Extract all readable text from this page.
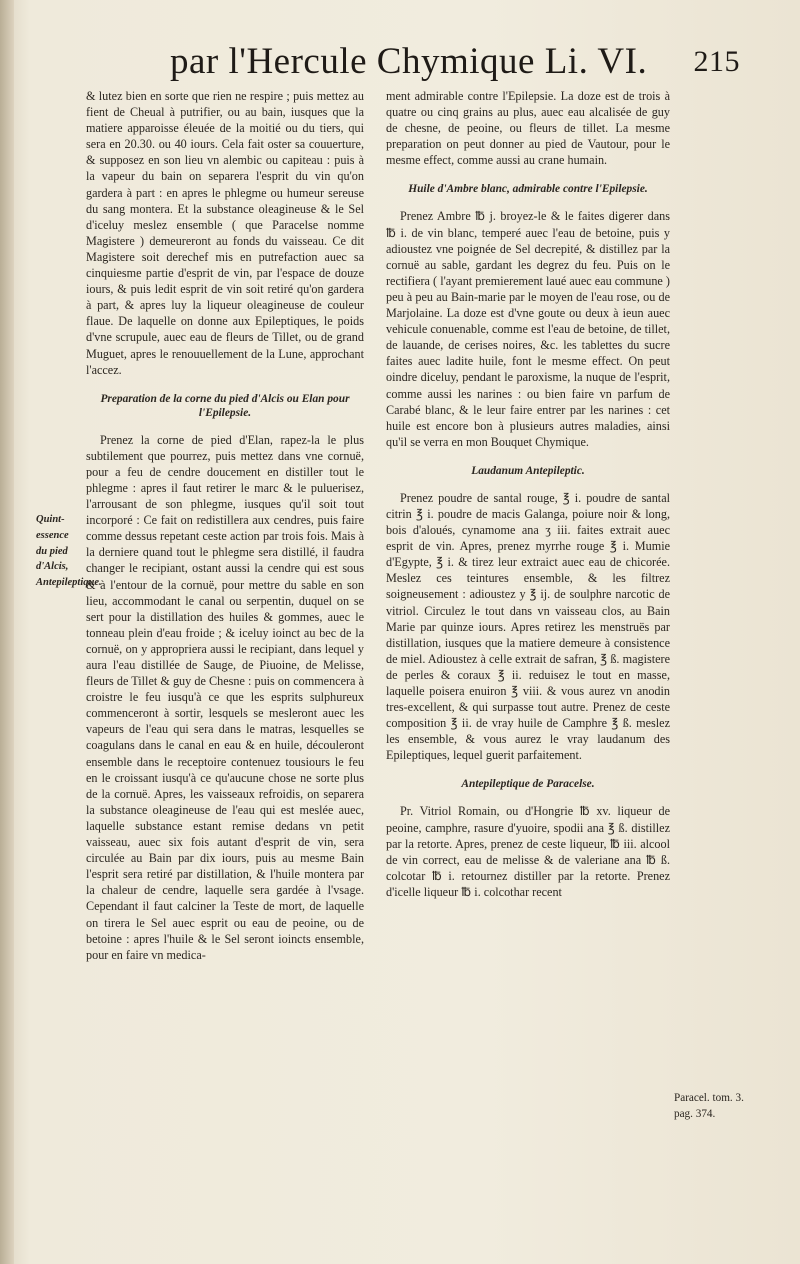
par l'Hercule Chymique Li. VI. 215
Quint-essence du pied d'Alcis, Antepileptique.

& lutez bien en sorte que rien ne respire ; puis mettez au fient de Cheual à putrifier, ou au bain, iusques que la matiere apparoisse éleuée de la moitié ou du tiers, qui sera en 20.30. ou 40 iours. Cela fait oster sa couuerture, & supposez en son lieu vn alembic ou capiteau : puis à la vapeur du bain on separera l'esprit du vin qu'on gardera à part : en apres le phlegme ou humeur sereuse du sang montera. Et la substance oleagineuse & le Sel d'iceluy meslez ensemble ( que Paracelse nomme Magistere ) demeureront au fonds du vaisseau. Ce dit Magistere soit derechef mis en putrefaction auec sa cinquiesme partie d'esprit de vin, par l'espace de douze iours, & puis ledit esprit de vin soit retiré qu'on gardera à part, & apres luy la liqueur oleagineuse de couleur flaue. De laquelle on donne aux Epileptiques, le poids d'vne scrupule, auec eau de fleurs de Tillet, ou de grand Muguet, apres le renouuellement de la Lune, approchant l'accez.

Preparation de la corne du pied d'Alcis ou Elan pour l'Epilepsie.

Prenez la corne de pied d'Elan, rapez-la le plus subtilement que pourrez, puis mettez dans vne cornuë, pour a feu de cendre doucement en distiller tout le phlegme : apres il faut retirer le marc & le puluerisez, l'arrousant de son phlegme, iusques qu'il soit tout incorporé : Ce fait on redistillera aux cendres, puis faire comme dessus repetant ceste action par trois fois. Mais à la derniere quand tout le phlegme sera distillé, il faudra changer le recipiant, ostant aussi la cendre qui est sous & à l'entour de la cornuë, pour mettre du sable en son lieu, accommodant le canal ou serpentin, duquel on se sert pour la distillation des huiles & gommes, auec le tonneau plein d'eau froide ; & iceluy ioinct au bec de la cornuë, on y appropriera aussi le recipiant, dans lequel y aura l'eau distillée de Sauge, de Piuoine, de Melisse, fleurs de Tillet & guy de Chesne : puis on commencera à croistre le feu iusqu'à ce que les esprits sulphureux commenceront à sortir, lesquels se mesleront auec les vapeurs de l'eau qui sera dans le matras, lesquelles se coagulans dans le canal en eau & en huile, découleront ensemble dans le receptoire contenuez tousiours le feu en le croissant iusqu'à ce qu'aucune chose ne sorte plus de la cornuë. Apres, les vaisseaux refroidis, on separera la substance oleagineuse de l'eau qui est meslée auec, laquelle substance estant remise dedans vn petit vaisseau, auec six fois autant d'esprit de vin, sera circulée au Bain par dix iours, puis au mesme Bain l'esprit sera retiré par distillation, & l'huile montera par la chaleur de cendre, laquelle sera gardée à l'vsage. Cependant il faut calciner la Teste de mort, de laquelle on tirera le Sel auec esprit ou eau de peoine, ou de betoine : apres l'huile & le Sel seront ioincts ensemble, pour en faire vn medica-

ment admirable contre l'Epilepsie. La doze est de trois à quatre ou cinq grains au plus, auec eau alcalisée de guy de chesne, de peoine, ou fleurs de tillet. La mesme preparation on peut donner au pied de Vautour, pour le mesme effect, comme aussi au crane humain.

Huile d'Ambre blanc, admirable contre l'Epilepsie.

Prenez Ambre ℔ j. broyez-le & le faites digerer dans ℔ i. de vin blanc, temperé auec l'eau de betoine, puis y adioustez vne poignée de Sel decrepité, & distillez par la cornuë au sable, gardant les degrez du feu. Puis on le rectifiera ( l'ayant premierement laué auec eau commune ) peu à peu au Bain-marie par le moyen de l'eau rose, ou de Marjolaine. La doze est d'vne goute ou deux à ieun auec vehicule conuenable, comme est l'eau de betoine, de tillet, de lauande, de cerises noires, &c. les tablettes du sucre faites auec ladite huile, font le mesme effect. On peut oindre diceluy, pendant le paroxisme, la nuque de l'esprit, comme aussi les narines : ou bien faire vn parfum de Carabé blanc, & le leur faire entrer par les narines : cet huile est encore bon à plusieurs autres maladies, ainsi qu'il se verra en mon Bouquet Chymique.

Laudanum Antepileptic.

Prenez poudre de santal rouge, ℥ i. poudre de santal citrin ℥ i. poudre de macis Galanga, poiure noir & long, bois d'aloués, cynamome ana ʒ iii. faites extrait auec esprit de vin. Apres, prenez myrrhe rouge ℥ i. Mumie d'Egypte, ℥ i. & tirez leur extraict auec eau de chicorée. Meslez ces teintures ensemble, & les filtrez soigneusement : adioustez y ℥ ij. de soulphre narcotic de vitriol. Circulez le tout dans vn vaisseau clos, au Bain Marie par quinze iours. Apres retirez les menstruës par distillation, iusques que la matiere demeure à consistence de miel. Adioustez à celle extrait de safran, ℥ ß. magistere de perles & coraux ℥ ii. reduisez le tout en masse, laquelle poisera enuiron ℥ viii. & vous aurez vn anodin tres-excellent, & qui surpasse tout autre. Prenez de ceste composition ℥ ii. de vray huile de Camphre ℥ ß. meslez les ensemble, & vous aurez le vray laudanum des Epileptiques, lequel guerit parfaitement.

Antepileptique de Paracelse.

Pr. Vitriol Romain, ou d'Hongrie ℔ xv. liqueur de peoine, camphre, rasure d'yuoire, spodii ana ℥ ß. distillez par la retorte. Apres, prenez de ceste liqueur, ℔ iii. alcool de vin correct, eau de melisse & de valeriane ana ℔ ß. colcotar ℔ i. retournez distiller par la retorte. Prenez d'icelle liqueur ℔ i. colcothar recent

Paracel. tom. 3. pag. 374.
